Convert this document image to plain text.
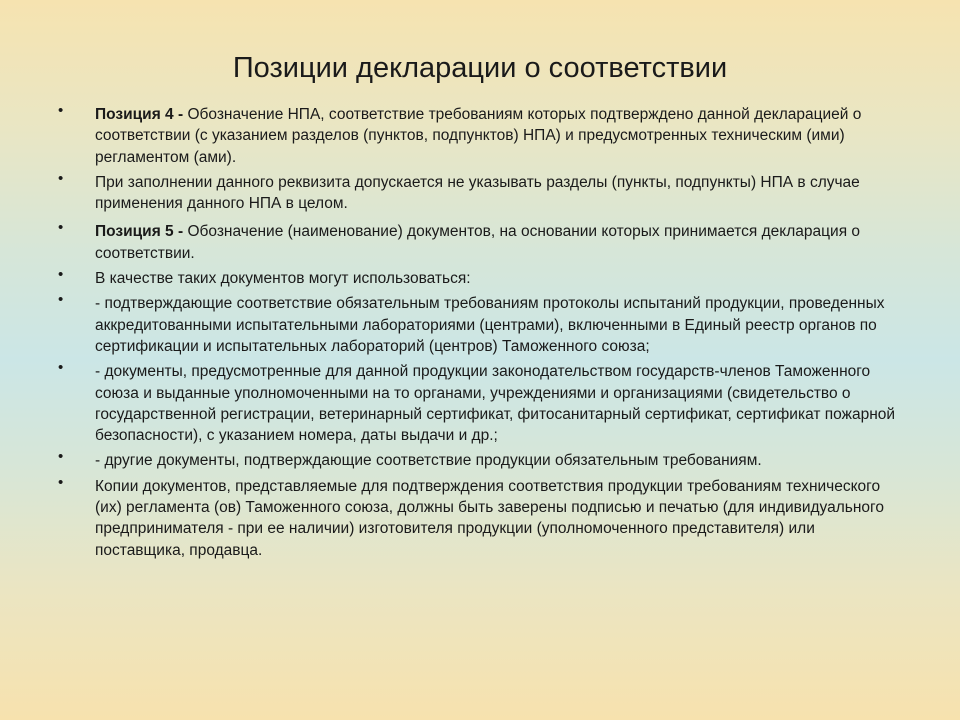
Позиции декларации о соответствии
• Позиция 4 - Обозначение НПА, соответствие требованиям которых подтверждено данной декларацией о соответствии (с указанием разделов (пунктов, подпунктов) НПА) и предусмотренных техническим (ими) регламентом (ами).
• При заполнении данного реквизита допускается не указывать разделы (пункты, подпункты) НПА в случае применения данного НПА в целом.
• Позиция 5 - Обозначение (наименование) документов, на основании которых принимается декларация о соответствии.
• В качестве таких документов могут использоваться:
• - подтверждающие соответствие обязательным требованиям протоколы испытаний продукции, проведенных аккредитованными испытательными лабораториями (центрами), включенными в Единый реестр органов по сертификации и испытательных лабораторий (центров) Таможенного союза;
• - документы, предусмотренные для данной продукции законодательством государств-членов Таможенного союза и выданные уполномоченными на то органами, учреждениями и организациями (свидетельство о государственной регистрации, ветеринарный сертификат, фитосанитарный сертификат, сертификат пожарной безопасности), с указанием номера, даты выдачи и др.;
• - другие документы, подтверждающие соответствие продукции обязательным требованиям.
• Копии документов, представляемые для подтверждения соответствия продукции требованиям технического (их) регламента (ов) Таможенного союза, должны быть заверены подписью и печатью (для индивидуального предпринимателя - при ее наличии) изготовителя продукции (уполномоченного представителя) или поставщика, продавца.
